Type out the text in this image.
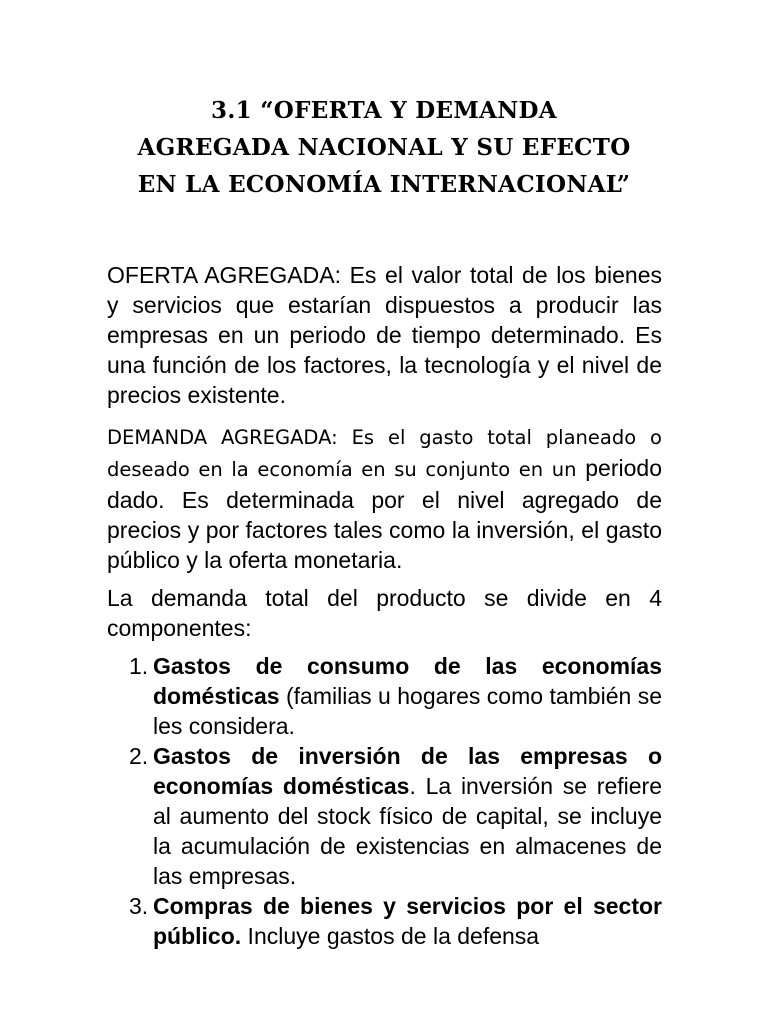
3.1 “OFERTA Y DEMANDA
AGREGADA NACIONAL Y SU EFECTO
EN LA ECONOMÍA INTERNACIONAL”
OFERTA AGREGADA: Es el valor total de los bienes y servicios que estarían dispuestos a producir las empresas en un periodo de tiempo determinado. Es una función de los factores, la tecnología y el nivel de precios existente.
DEMANDA AGREGADA: Es el gasto total planeado o deseado en la economía en su conjunto en un periodo dado. Es determinada por el nivel agregado de precios y por factores tales como la inversión, el gasto público y la oferta monetaria.
La demanda total del producto se divide en 4 componentes:
1. Gastos de consumo de las economías domésticas (familias u hogares como también se les considera.
2. Gastos de inversión de las empresas o economías domésticas. La inversión se refiere al aumento del stock físico de capital, se incluye la acumulación de existencias en almacenes de las empresas.
3. Compras de bienes y servicios por el sector público. Incluye gastos de la defensa
